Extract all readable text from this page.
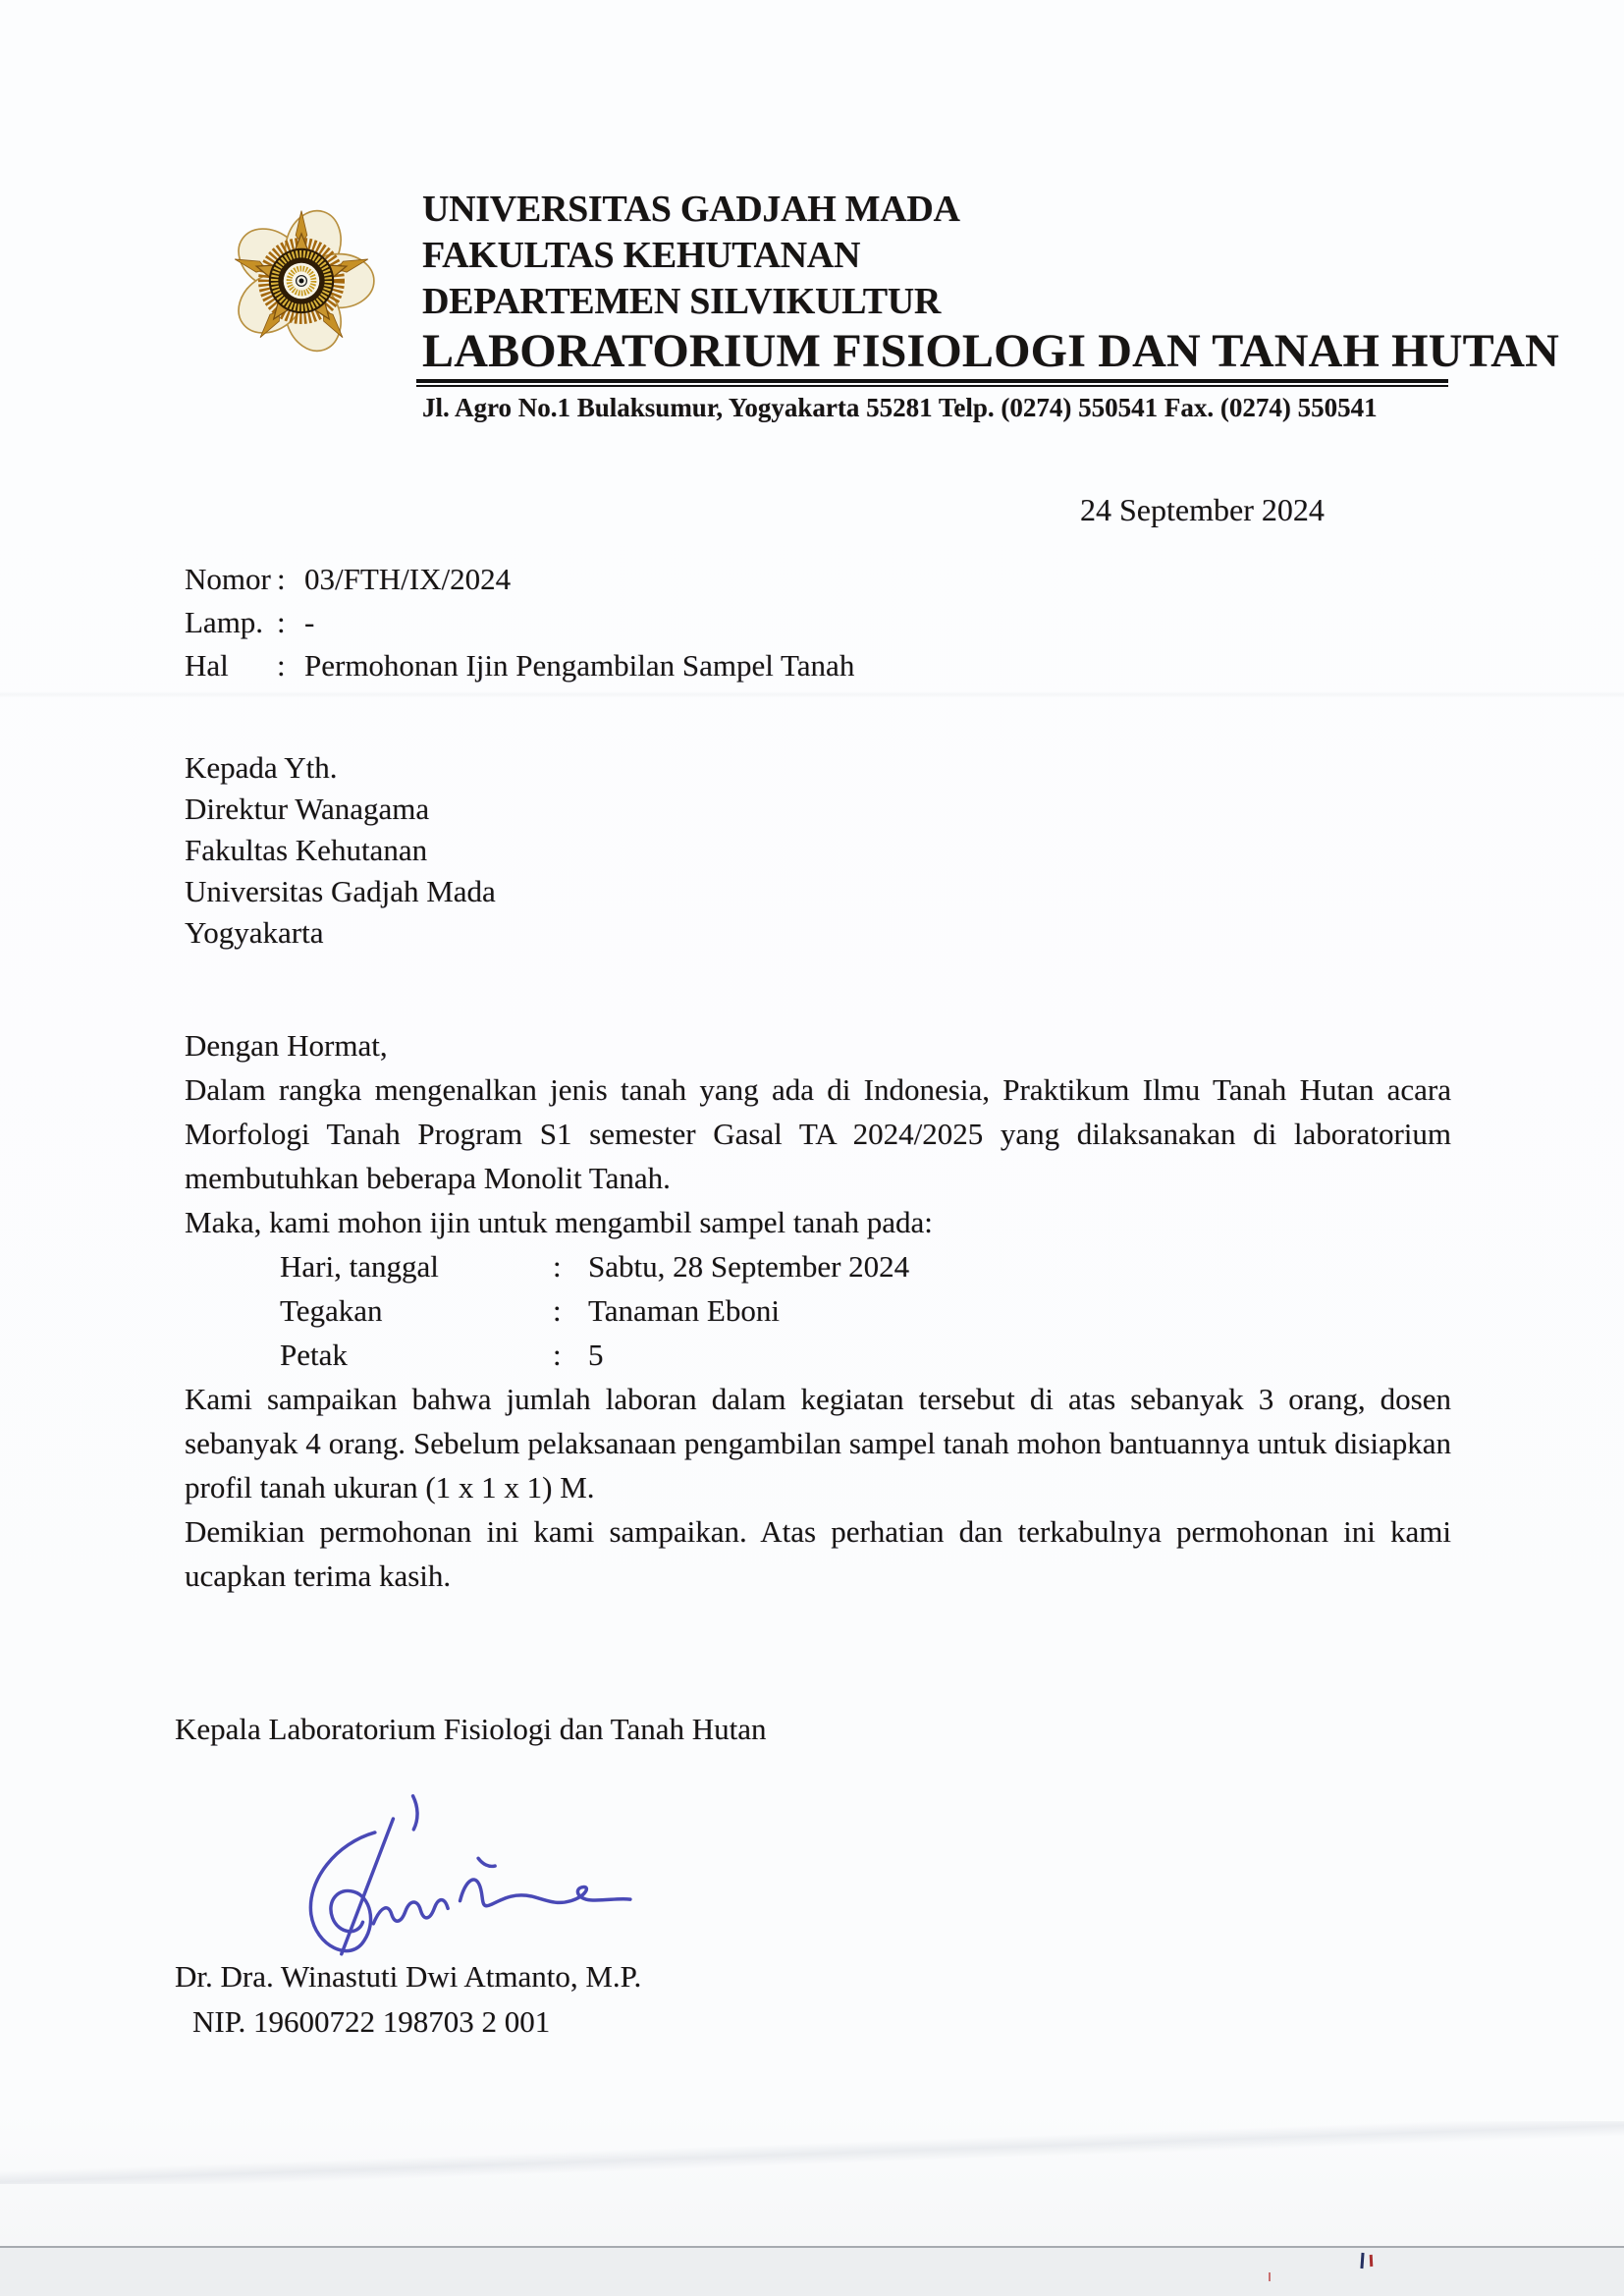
UNIVERSITAS GADJAH MADA
FAKULTAS KEHUTANAN
DEPARTEMEN SILVIKULTUR
LABORATORIUM FISIOLOGI DAN TANAH HUTAN
Jl. Agro No.1 Bulaksumur, Yogyakarta 55281 Telp. (0274) 550541 Fax. (0274) 550541
24 September 2024
Nomor : 03/FTH/IX/2024
Lamp. : -
Hal	: Permohonan Ijin Pengambilan Sampel Tanah
Kepada Yth.
Direktur Wanagama
Fakultas Kehutanan
Universitas Gadjah Mada
Yogyakarta

Dengan Hormat,

Dalam rangka mengenalkan jenis tanah yang ada di Indonesia, Praktikum Ilmu Tanah Hutan acara Morfologi Tanah Program S1 semester Gasal TA 2024/2025 yang dilaksanakan di laboratorium membutuhkan beberapa Monolit Tanah.

Maka, kami mohon ijin untuk mengambil sampel tanah pada:

Hari, tanggal	: Sabtu, 28 September 2024
Tegakan	: Tanaman Eboni
Petak	: 5

Kami sampaikan bahwa jumlah laboran dalam kegiatan tersebut di atas sebanyak 3 orang, dosen sebanyak 4 orang. Sebelum pelaksanaan pengambilan sampel tanah mohon bantuannya untuk disiapkan profil tanah ukuran (1 x 1 x 1) M.

Demikian permohonan ini kami sampaikan. Atas perhatian dan terkabulnya permohonan ini kami ucapkan terima kasih.

Kepala Laboratorium Fisiologi dan Tanah Hutan
Dr. Dra. Winastuti Dwi Atmanto, M.P.
NIP. 19600722 198703 2 001
